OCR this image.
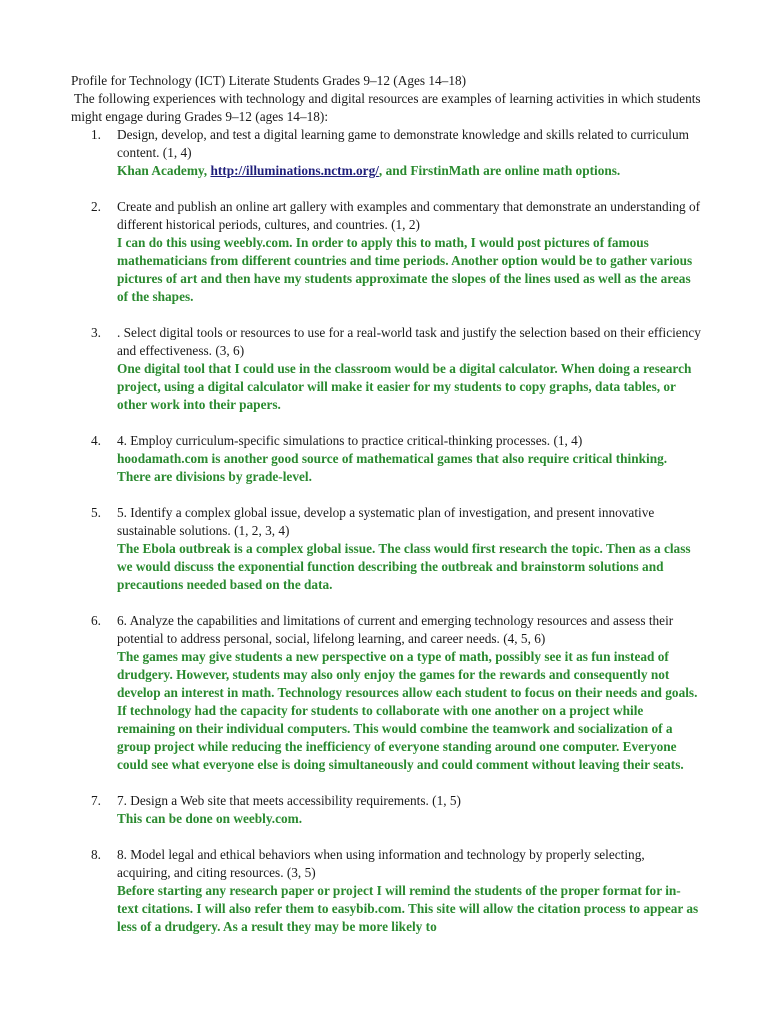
Profile for Technology (ICT) Literate Students Grades 9–12 (Ages 14–18)

The following experiences with technology and digital resources are examples of learning activities in which students might engage during Grades 9–12 (ages 14–18):

1.	Design, develop, and test a digital learning game to demonstrate knowledge and skills related to curriculum content. (1, 4)
Khan Academy, http://illuminations.nctm.org/, and FirstinMath are online math options.
2.	Create and publish an online art gallery with examples and commentary that demonstrate an understanding of different historical periods, cultures, and countries. (1, 2)
I can do this using weebly.com. In order to apply this to math, I would post pictures of famous mathematicians from different countries and time periods. Another option would be to gather various pictures of art and then have my students approximate the slopes of the lines used as well as the areas of the shapes.
3.	. Select digital tools or resources to use for a real-world task and justify the selection based on their efficiency and effectiveness. (3, 6)
One digital tool that I could use in the classroom would be a digital calculator. When doing a research project, using a digital calculator will make it easier for my students to copy graphs, data tables, or other work into their papers.
4.	4. Employ curriculum-specific simulations to practice critical-thinking processes. (1, 4)
hoodamath.com is another good source of mathematical games that also require critical thinking. There are divisions by grade-level.
5.	5. Identify a complex global issue, develop a systematic plan of investigation, and present innovative sustainable solutions. (1, 2, 3, 4)
The Ebola outbreak is a complex global issue. The class would first research the topic. Then as a class we would discuss the exponential function describing the outbreak and brainstorm solutions and precautions needed based on the data.
6.	6. Analyze the capabilities and limitations of current and emerging technology resources and assess their potential to address personal, social, lifelong learning, and career needs. (4, 5, 6)
The games may give students a new perspective on a type of math, possibly see it as fun instead of drudgery. However, students may also only enjoy the games for the rewards and consequently not develop an interest in math. Technology resources allow each student to focus on their needs and goals. If technology had the capacity for students to collaborate with one another on a project while remaining on their individual computers. This would combine the teamwork and socialization of a group project while reducing the inefficiency of everyone standing around one computer. Everyone could see what everyone else is doing simultaneously and could comment without leaving their seats.
7.	7. Design a Web site that meets accessibility requirements. (1, 5)
This can be done on weebly.com.
8.	8. Model legal and ethical behaviors when using information and technology by properly selecting, acquiring, and citing resources. (3, 5)
Before starting any research paper or project I will remind the students of the proper format for in-text citations. I will also refer them to easybib.com. This site will allow the citation process to appear as less of a drudgery. As a result they may be more likely to
